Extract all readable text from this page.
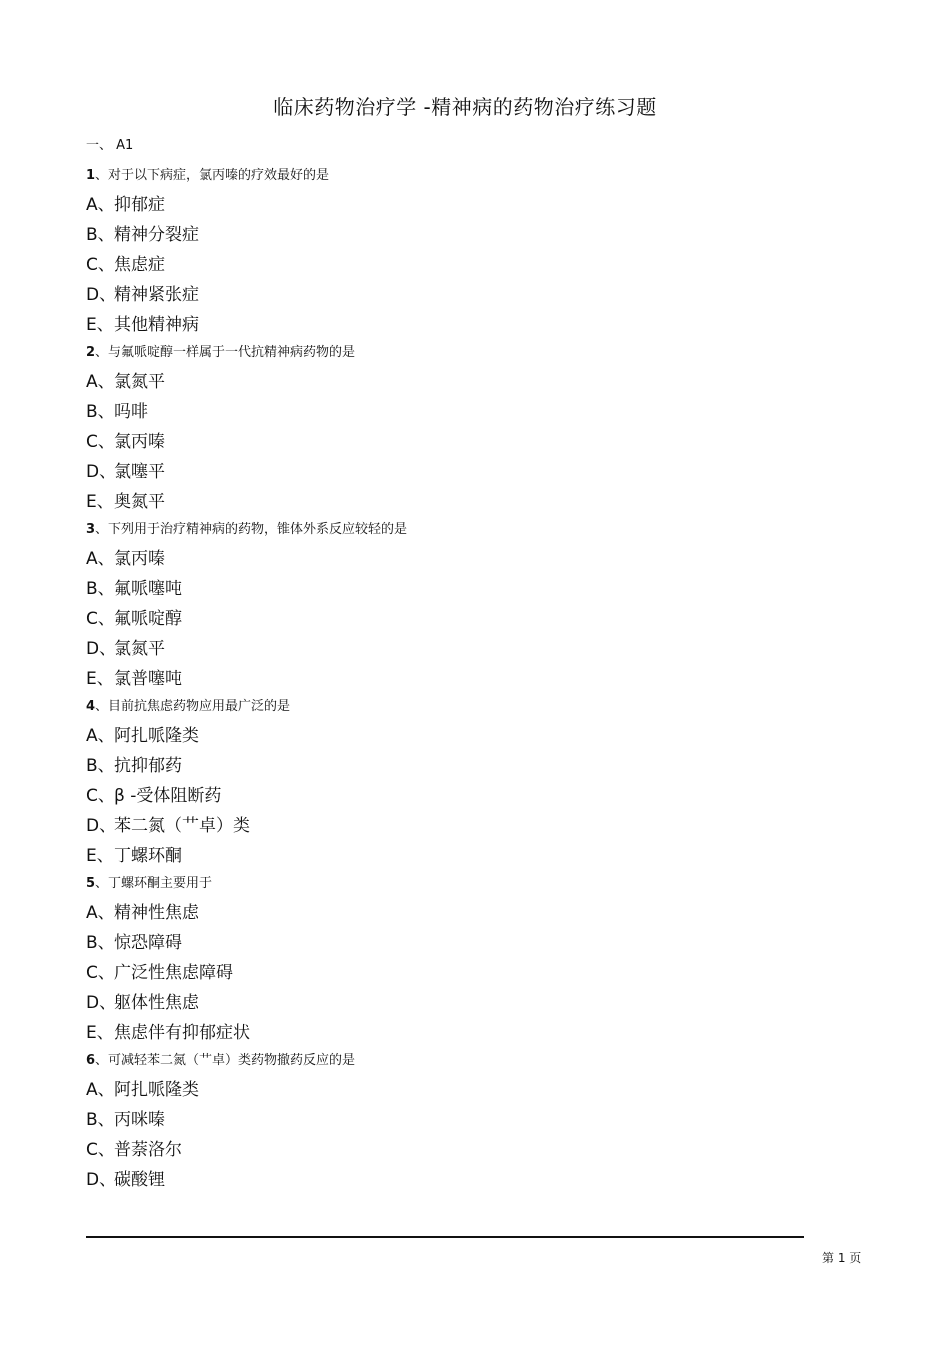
临床药物治疗学 -精神病的药物治疗练习题
一、 A1
1、对于以下病症，氯丙嗪的疗效最好的是
A、抑郁症
B、精神分裂症
C、焦虑症
D、精神紧张症
E、其他精神病
2、与氟哌啶醇一样属于一代抗精神病药物的是
A、氯氮平
B、吗啡
C、氯丙嗪
D、氯噻平
E、奥氮平
3、下列用于治疗精神病的药物，锥体外系反应较轻的是
A、氯丙嗪
B、氟哌噻吨
C、氟哌啶醇
D、氯氮平
E、氯普噻吨
4、目前抗焦虑药物应用最广泛的是
A、阿扎哌隆类
B、抗抑郁药
C、β -受体阻断药
D、苯二氮（艹卓）类
E、丁螺环酮
5、丁螺环酮主要用于
A、精神性焦虑
B、惊恐障碍
C、广泛性焦虑障碍
D、躯体性焦虑
E、焦虑伴有抑郁症状
6、可减轻苯二氮（艹卓）类药物撤药反应的是
A、阿扎哌隆类
B、丙咪嗪
C、普萘洛尔
D、碳酸锂
第 1 页
